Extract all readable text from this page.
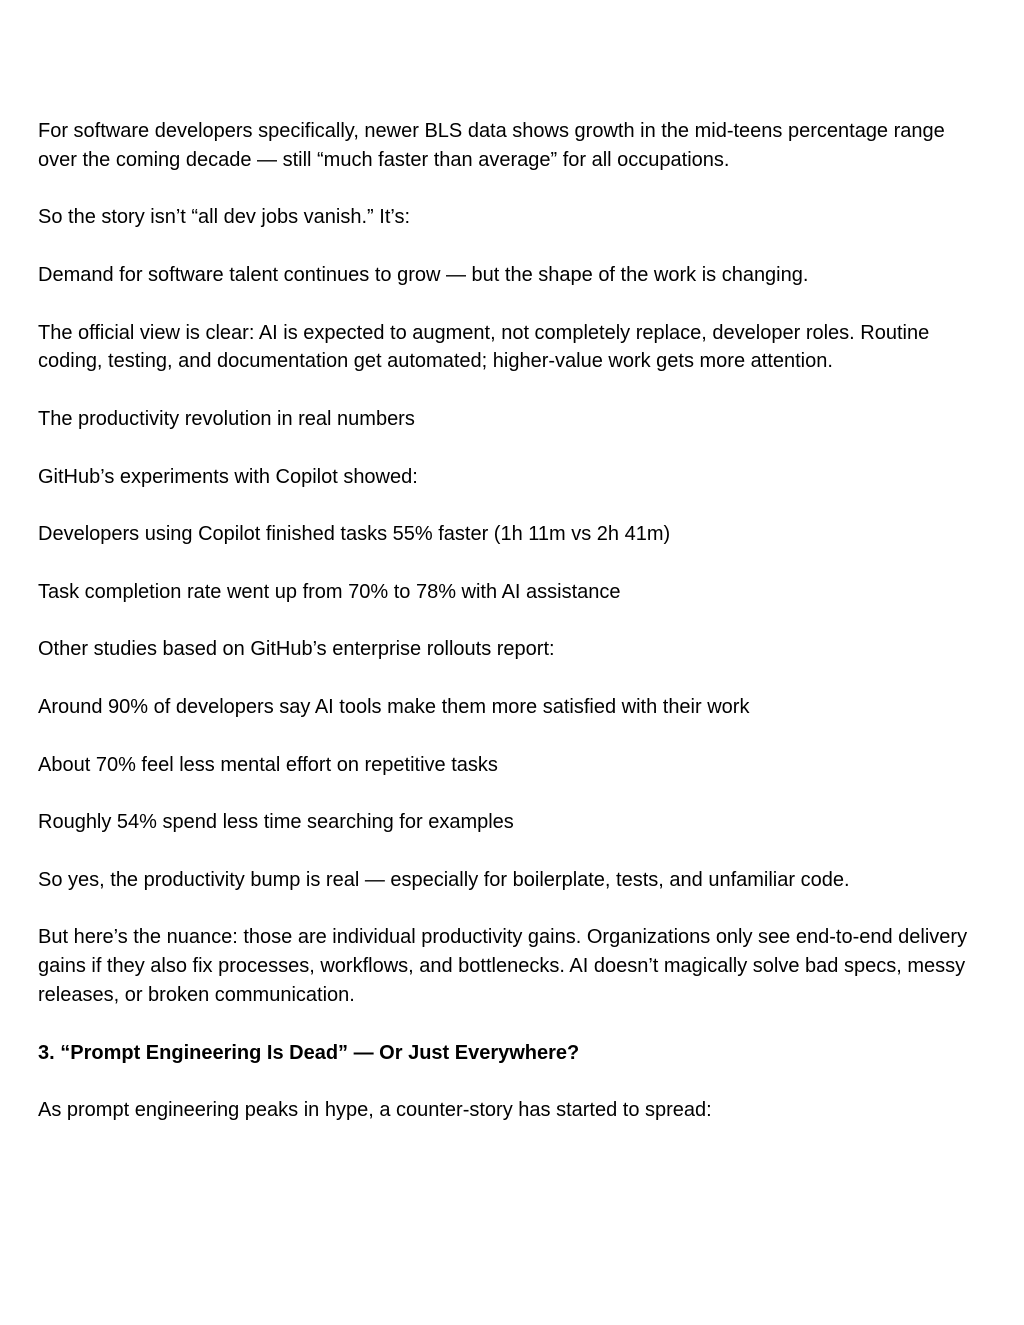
For software developers specifically, newer BLS data shows growth in the mid-teens percentage range over the coming decade — still “much faster than average” for all occupations.

So the story isn’t “all dev jobs vanish.” It’s:

Demand for software talent continues to grow — but the shape of the work is changing.

The official view is clear: AI is expected to augment, not completely replace, developer roles. Routine coding, testing, and documentation get automated; higher-value work gets more attention.

The productivity revolution in real numbers

GitHub’s experiments with Copilot showed:

Developers using Copilot finished tasks 55% faster (1h 11m vs 2h 41m)

Task completion rate went up from 70% to 78% with AI assistance

Other studies based on GitHub’s enterprise rollouts report:

Around 90% of developers say AI tools make them more satisfied with their work

About 70% feel less mental effort on repetitive tasks

Roughly 54% spend less time searching for examples

So yes, the productivity bump is real — especially for boilerplate, tests, and unfamiliar code.

But here’s the nuance: those are individual productivity gains. Organizations only see end-to-end delivery gains if they also fix processes, workflows, and bottlenecks. AI doesn’t magically solve bad specs, messy releases, or broken communication.

3. “Prompt Engineering Is Dead” — Or Just Everywhere?

As prompt engineering peaks in hype, a counter-story has started to spread:
